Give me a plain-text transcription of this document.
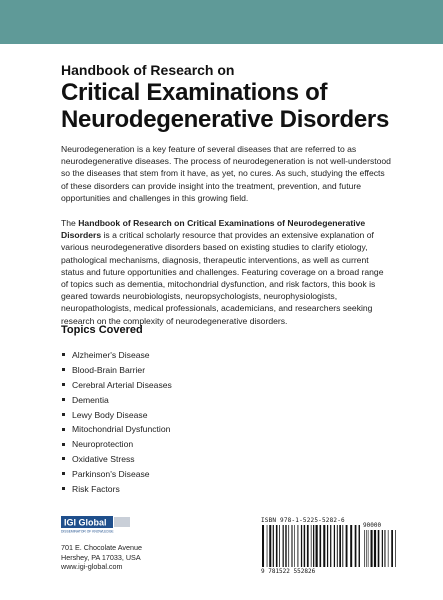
Handbook of Research on
Critical Examinations of
Neurodegenerative Disorders
Neurodegeneration is a key feature of several diseases that are referred to as neurodegenerative diseases. The process of neurodegeneration is not well-understood so the diseases that stem from it have, as yet, no cures. As such, studying the effects of these disorders can provide insight into the treatment, prevention, and future opportunities and challenges in this growing field.
The Handbook of Research on Critical Examinations of Neurodegenerative Disorders is a critical scholarly resource that provides an extensive explanation of various neurodegenerative disorders based on existing studies to clarify etiology, pathological mechanisms, diagnosis, therapeutic interventions, as well as current status and future opportunities and challenges. Featuring coverage on a broad range of topics such as dementia, mitochondrial dysfunction, and risk factors, this book is geared towards neurobiologists, neuropsychologists, neurophysiologists, neuropathologists, medical professionals, academicians, and researchers seeking research on the complexity of neurodegenerative disorders.
Topics Covered
Alzheimer's Disease
Blood-Brain Barrier
Cerebral Arterial Diseases
Dementia
Lewy Body Disease
Mitochondrial Dysfunction
Neuroprotection
Oxidative Stress
Parkinson's Disease
Risk Factors
IGI Global
DISSEMINATOR OF KNOWLEDGE
701 E. Chocolate Avenue
Hershey, PA 17033, USA
www.igi-global.com
ISBN 978-1-5225-5282-6
90000
9 781522 552826
